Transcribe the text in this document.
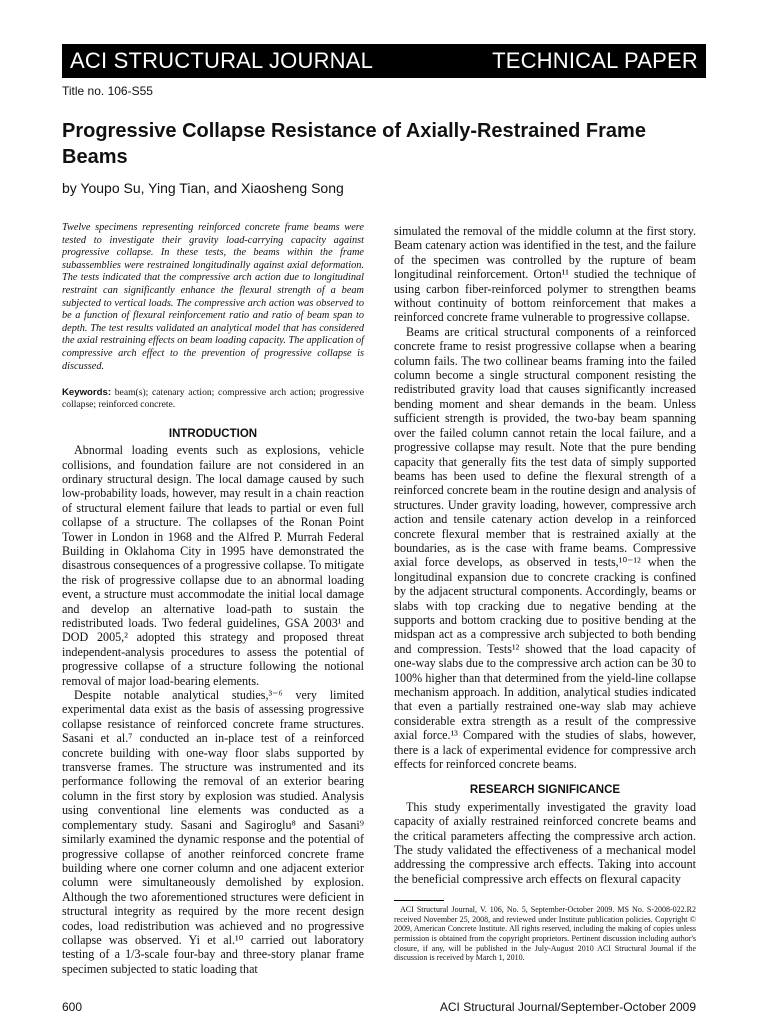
ACI STRUCTURAL JOURNAL	TECHNICAL PAPER
Title no. 106-S55
Progressive Collapse Resistance of Axially-Restrained Frame Beams
by Youpo Su, Ying Tian, and Xiaosheng Song

Twelve specimens representing reinforced concrete frame beams were tested to investigate their gravity load-carrying capacity against progressive collapse. In these tests, the beams within the frame subassemblies were restrained longitudinally against axial deformation. The tests indicated that the compressive arch action due to longitudinal restraint can significantly enhance the flexural strength of a beam subjected to vertical loads. The compressive arch action was observed to be a function of flexural reinforcement ratio and ratio of beam span to depth. The test results validated an analytical model that has considered the axial restraining effects on beam loading capacity. The application of compressive arch effect to the prevention of progressive collapse is discussed.

Keywords: beam(s); catenary action; compressive arch action; progressive collapse; reinforced concrete.

INTRODUCTION

Abnormal loading events such as explosions, vehicle collisions, and foundation failure are not considered in an ordinary structural design. The local damage caused by such low-probability loads, however, may result in a chain reaction of structural element failure that leads to partial or even full collapse of a structure. The collapses of the Ronan Point Tower in London in 1968 and the Alfred P. Murrah Federal Building in Oklahoma City in 1995 have demonstrated the disastrous consequences of a progressive collapse. To mitigate the risk of progressive collapse due to an abnormal loading event, a structure must accommodate the initial local damage and develop an alternative load-path to sustain the redistributed loads. Two federal guidelines, GSA 2003¹ and DOD 2005,² adopted this strategy and proposed threat independent-analysis procedures to assess the potential of progressive collapse of a structure following the notional removal of major load-bearing elements.

Despite notable analytical studies,³⁻⁶ very limited experimental data exist as the basis of assessing progressive collapse resistance of reinforced concrete frame structures. Sasani et al.⁷ conducted an in-place test of a reinforced concrete building with one-way floor slabs supported by transverse frames. The structure was instrumented and its performance following the removal of an exterior bearing column in the first story by explosion was studied. Analysis using conventional line elements was conducted as a complementary study. Sasani and Sagiroglu⁸ and Sasani⁹ similarly examined the dynamic response and the potential of progressive collapse of another reinforced concrete frame building where one corner column and one adjacent exterior column were simultaneously demolished by explosion. Although the two aforementioned structures were deficient in structural integrity as required by the more recent design codes, load redistribution was achieved and no progressive collapse was observed. Yi et al.¹⁰ carried out laboratory testing of a 1/3-scale four-bay and three-story planar frame specimen subjected to static loading that

simulated the removal of the middle column at the first story. Beam catenary action was identified in the test, and the failure of the specimen was controlled by the rupture of beam longitudinal reinforcement. Orton¹¹ studied the technique of using carbon fiber-reinforced polymer to strengthen beams without continuity of bottom reinforcement that makes a reinforced concrete frame vulnerable to progressive collapse.

Beams are critical structural components of a reinforced concrete frame to resist progressive collapse when a bearing column fails. The two collinear beams framing into the failed column become a single structural component resisting the redistributed gravity load that causes significantly increased bending moment and shear demands in the beam. Unless sufficient strength is provided, the two-bay beam spanning over the failed column cannot retain the local failure, and a progressive collapse may result. Note that the pure bending capacity that generally fits the test data of simply supported beams has been used to define the flexural strength of a reinforced concrete beam in the routine design and analysis of structures. Under gravity loading, however, compressive arch action and tensile catenary action develop in a reinforced concrete flexural member that is restrained axially at the boundaries, as is the case with frame beams. Compressive axial force develops, as observed in tests,¹⁰⁻¹² when the longitudinal expansion due to concrete cracking is confined by the adjacent structural components. Accordingly, beams or slabs with top cracking due to negative bending at the supports and bottom cracking due to positive bending at the midspan act as a compressive arch subjected to both bending and compression. Tests¹² showed that the load capacity of one-way slabs due to the compressive arch action can be 30 to 100% higher than that determined from the yield-line collapse mechanism approach. In addition, analytical studies indicated that even a partially restrained one-way slab may achieve considerable extra strength as a result of the compressive axial force.¹³ Compared with the studies of slabs, however, there is a lack of experimental evidence for compressive arch effects for reinforced concrete beams.

RESEARCH SIGNIFICANCE

This study experimentally investigated the gravity load capacity of axially restrained reinforced concrete beams and the critical parameters affecting the compressive arch action. The study validated the effectiveness of a mechanical model addressing the compressive arch effects. Taking into account the beneficial compressive arch effects on flexural capacity

ACI Structural Journal, V. 106, No. 5, September-October 2009. MS No. S-2008-022.R2 received November 25, 2008, and reviewed under Institute publication policies. Copyright © 2009, American Concrete Institute. All rights reserved, including the making of copies unless permission is obtained from the copyright proprietors. Pertinent discussion including author's closure, if any, will be published in the July-August 2010 ACI Structural Journal if the discussion is received by March 1, 2010.

600	ACI Structural Journal/September-October 2009
